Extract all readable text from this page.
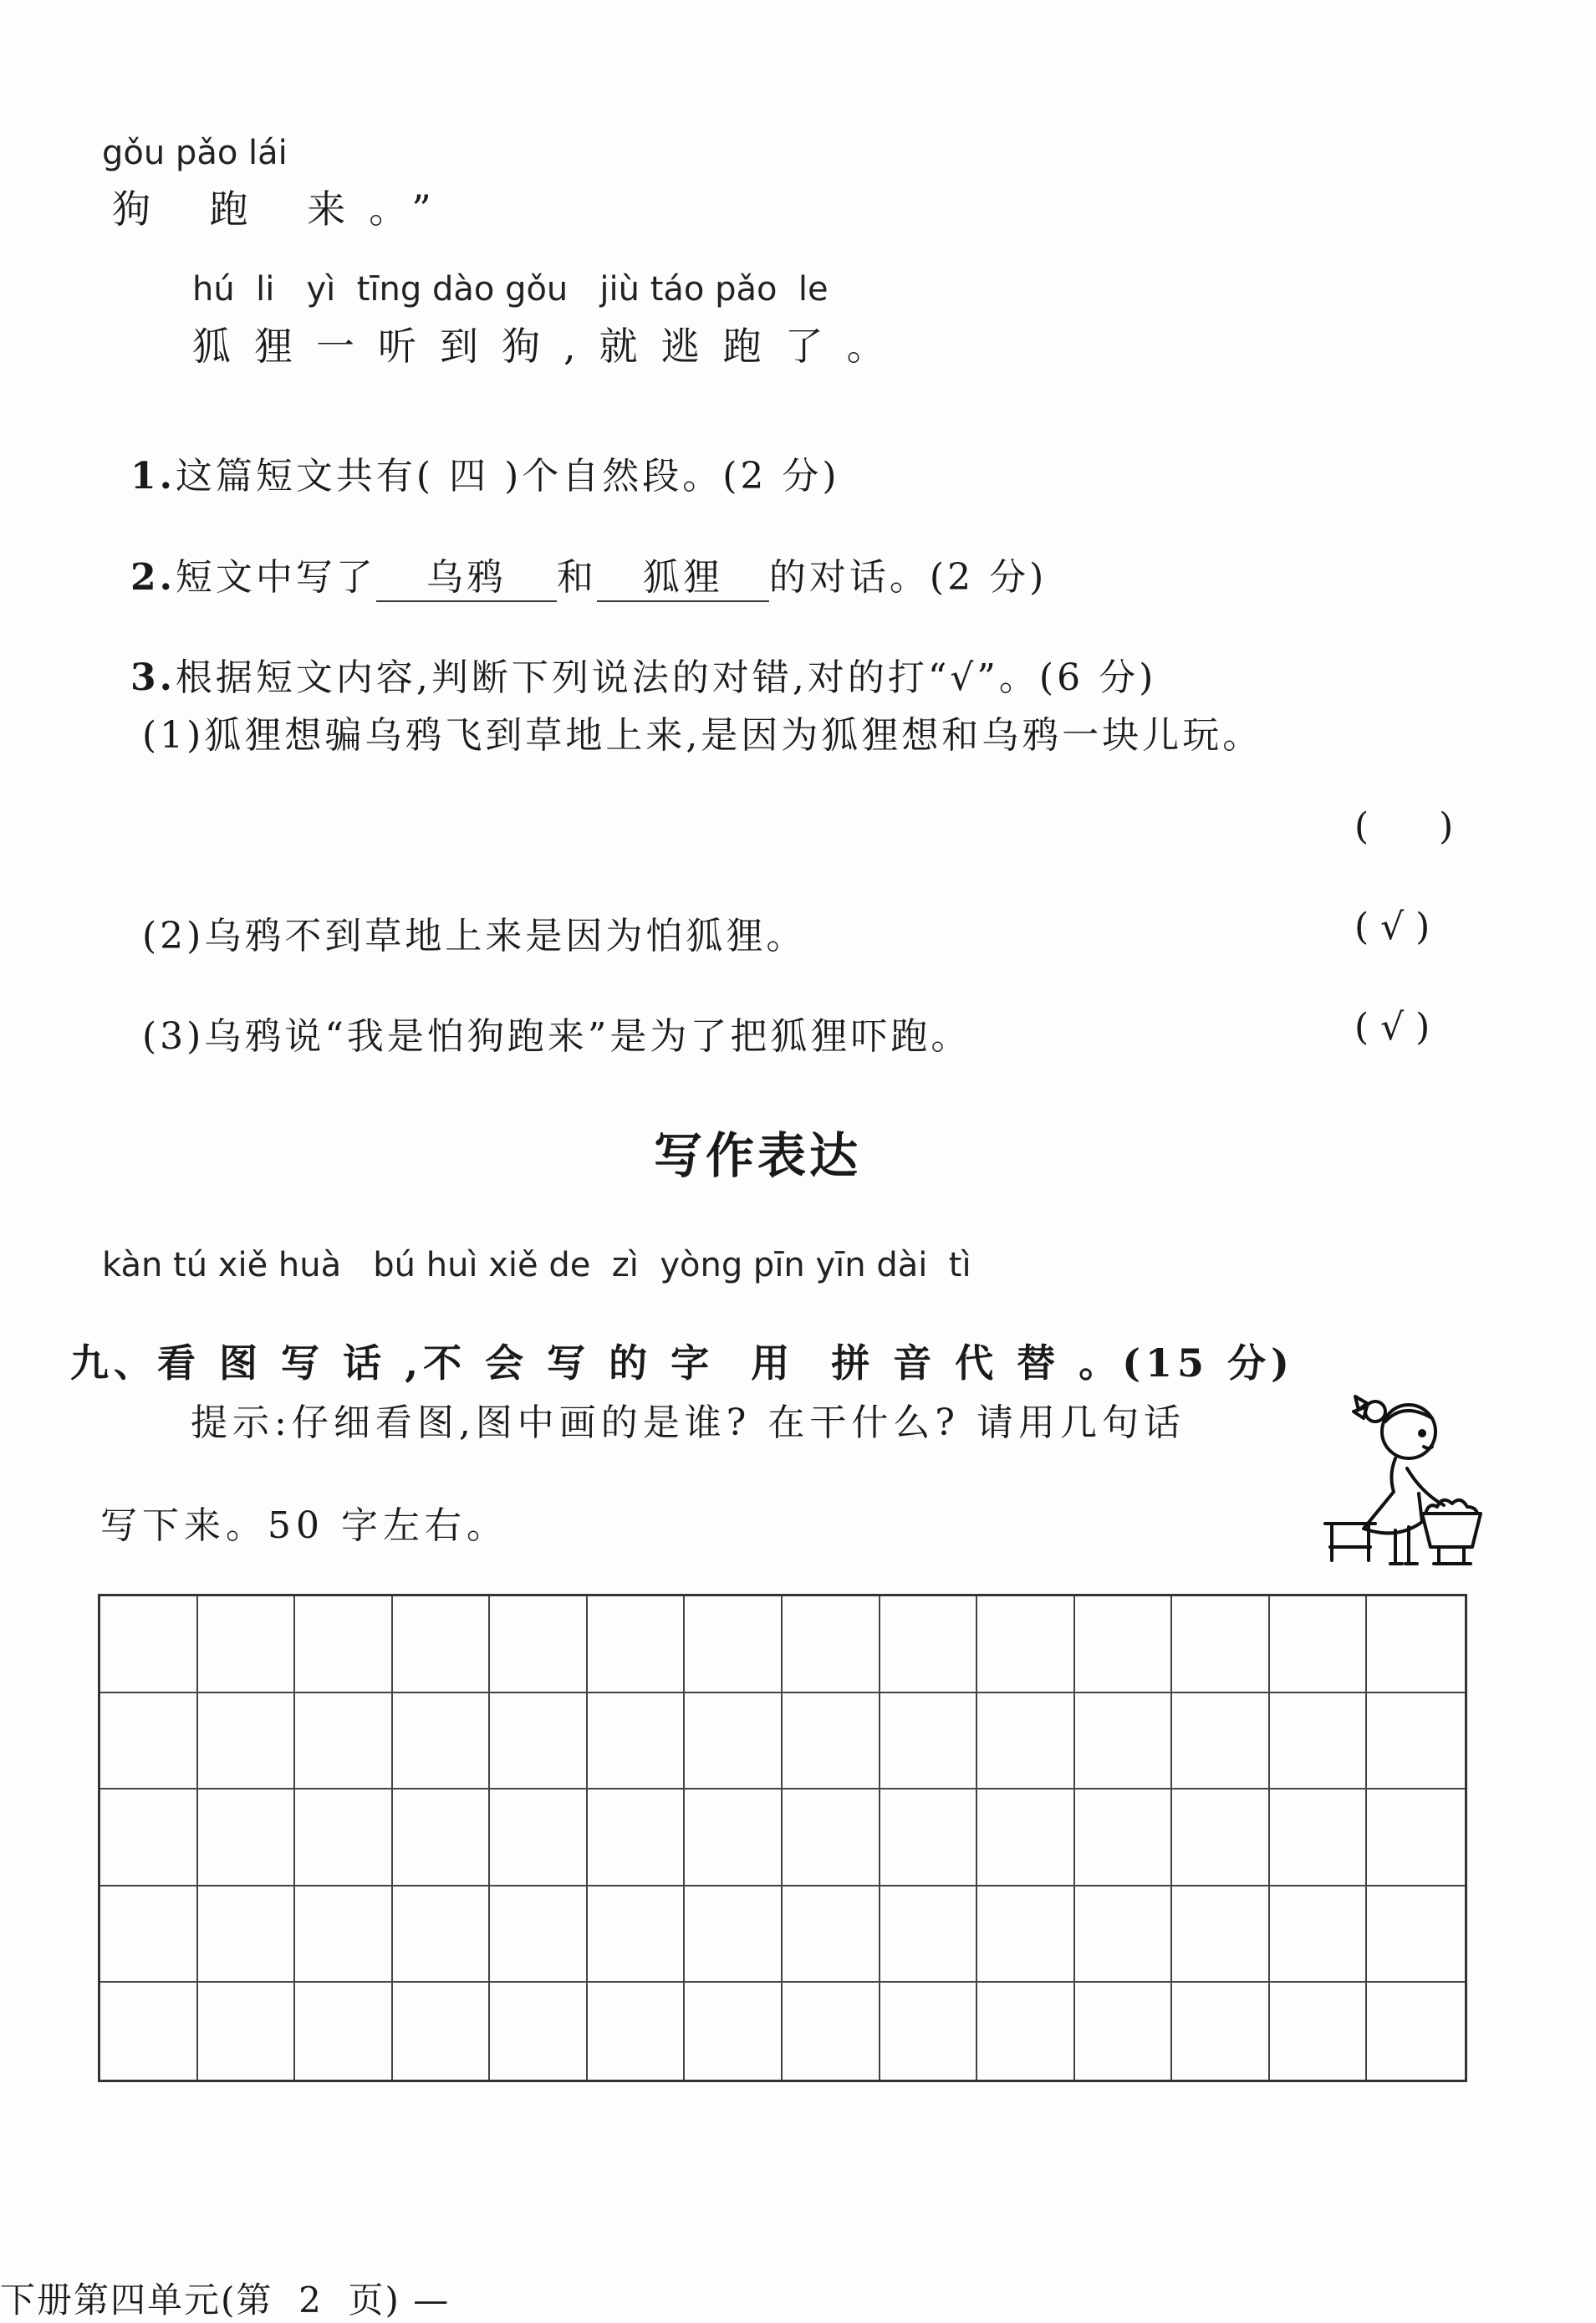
gǒu pǎo lái
狗 跑 来。”
hú  li   yì  tīng dào gǒu   jiù táo pǎo  le
狐狸一听到狗,就逃跑了。

1.这篇短文共有( 四 )个自然段。(2 分)

2.短文中写了 乌鸦 和 狐狸 的对话。(2 分)

3.根据短文内容,判断下列说法的对错,对的打“√”。(6 分)

(1)狐狸想骗乌鸦飞到草地上来,是因为狐狸想和乌鸦一块儿玩。
(      )
(2)乌鸦不到草地上来是因为怕狐狸。	( √ )
(3)乌鸦说“我是怕狗跑来”是为了把狐狸吓跑。	( √ )
写作表达
kàn tú xiě huà   bú huì xiě de  zì  yòng pīn yīn dài  tì

九、看 图 写 话 ,不 会 写 的 字  用  拼 音 代 替 。(15 分)

提示:仔细看图,图中画的是谁? 在干什么? 请用几句话
写下来。50 字左右。
下册第四单元(第  2  页) —
